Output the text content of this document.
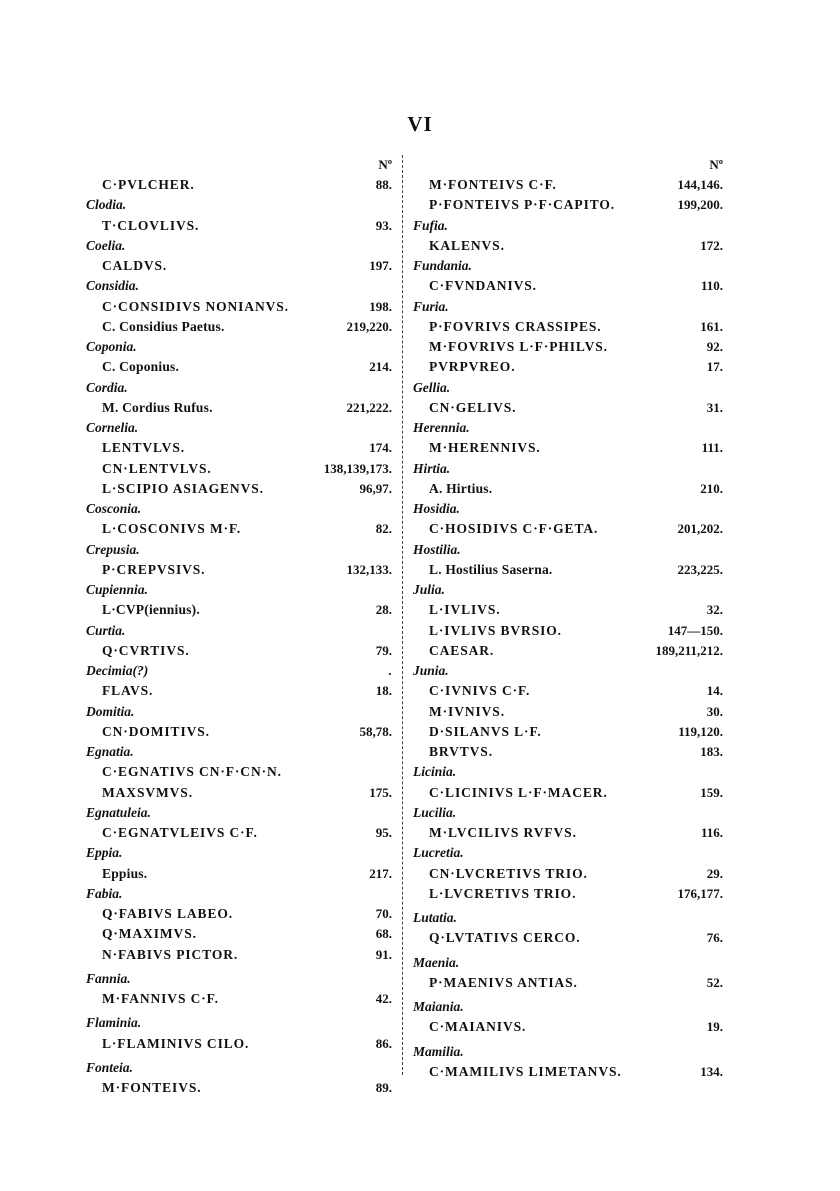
VI
Nº
C·PVLCHER.	88.
Clodia.
T·CLOVLIVS.	93.
Coelia.
CALDVS.	197.
Considia.
C·CONSIDIVS NONIANVS.	198.
C. Considius Paetus.	219,220.
Coponia.
C. Coponius.	214.
Cordia.
M. Cordius Rufus.	221,222.
Cornelia.
LENTVLVS.	174.
CN·LENTVLVS.	138,139,173.
L·SCIPIO ASIAGENVS.	96,97.
Cosconia.
L·COSCONIVS M·F.	82.
Crepusia.
P·CREPVSIVS.	132,133.
Cupiennia.
L·CVP(iennius).	28.
Curtia.
Q·CVRTIVS.	79.
Decimia(?)	.
FLAVS.	18.
Domitia.
CN·DOMITIVS.	58,78.
Egnatia.
C·EGNATIVS CN·F·CN·N.
MAXSVMVS.	175.
Egnatuleia.
C·EGNATVLEIVS C·F.	95.
Eppia.
Eppius.	217.
Fabia.
Q·FABIVS LABEO.	70.
Q·MAXIMVS.	68.
N·FABIVS PICTOR.	91.
Fannia.
M·FANNIVS C·F.	42.
Flaminia.
L·FLAMINIVS CILO.	86.
Fonteia.
M·FONTEIVS.	89.
Nº
M·FONTEIVS C·F.	144,146.
P·FONTEIVS P·F·CAPITO.	199,200.
Fufia.
KALENVS.	172.
Fundania.
C·FVNDANIVS.	110.
Furia.
P·FOVRIVS CRASSIPES.	161.
M·FOVRIVS L·F·PHILVS.	92.
PVRPVREO.	17.
Gellia.
CN·GELIVS.	31.
Herennia.
M·HERENNIVS.	111.
Hirtia.
A. Hirtius.	210.
Hosidia.
C·HOSIDIVS C·F·GETA.	201,202.
Hostilia.
L. Hostilius Saserna.	223,225.
Julia.
L·IVLIVS.	32.
L·IVLIVS BVRSIO.	147—150.
CAESAR.	189,211,212.
Junia.
C·IVNIVS C·F.	14.
M·IVNIVS.	30.
D·SILANVS L·F.	119,120.
BRVTVS.	183.
Licinia.
C·LICINIVS L·F·MACER.	159.
Lucilia.
M·LVCILIVS RVFVS.	116.
Lucretia.
CN·LVCRETIVS TRIO.	29.
L·LVCRETIVS TRIO.	176,177.
Lutatia.
Q·LVTATIVS CERCO.	76.
Maenia.
P·MAENIVS ANTIAS.	52.
Maiania.
C·MAIANIVS.	19.
Mamilia.
C·MAMILIVS LIMETANVS.	134.
